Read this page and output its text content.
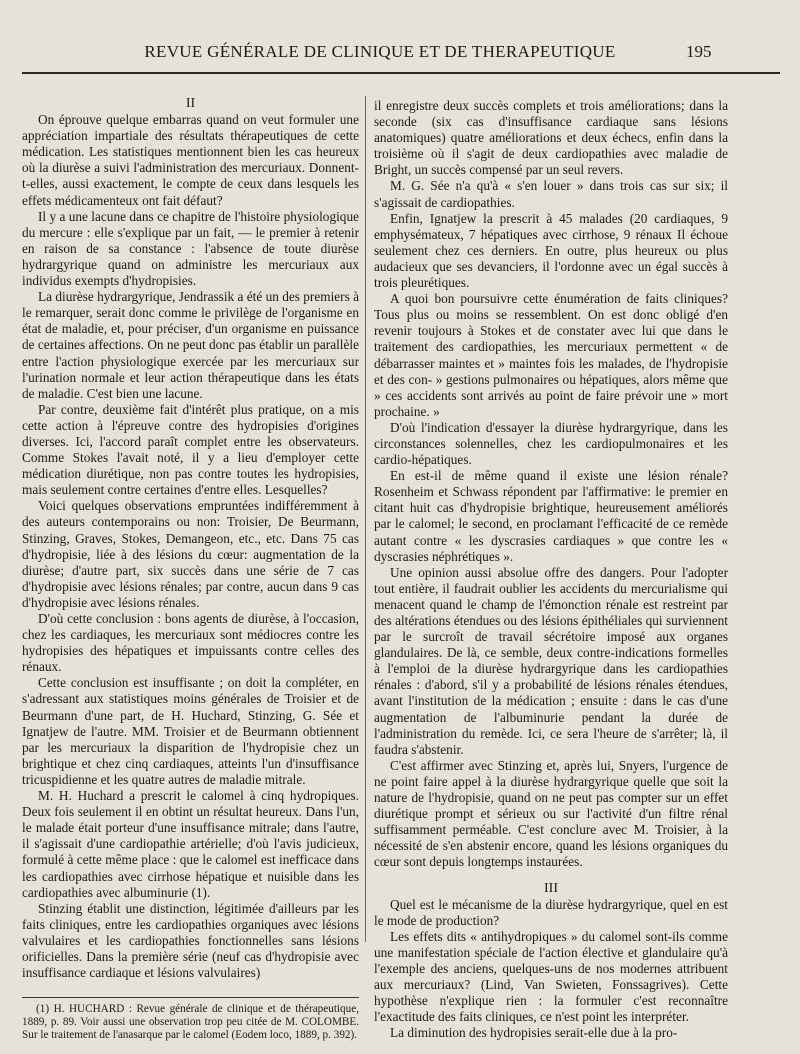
REVUE GÉNÉRALE DE CLINIQUE ET DE THERAPEUTIQUE	195

II

On éprouve quelque embarras quand on veut formuler une appréciation impartiale des résultats thérapeutiques de cette médication. Les statistiques mentionnent bien les cas heureux où la diurèse a suivi l'administration des mercuriaux. Donnent-t-elles, aussi exactement, le compte de ceux dans lesquels les effets médicamenteux ont fait défaut?

Il y a une lacune dans ce chapitre de l'histoire physiologique du mercure : elle s'explique par un fait, — le premier à retenir en raison de sa constance : l'absence de toute diurèse hydrargyrique quand on administre les mercuriaux aux individus exempts d'hydropisies.

La diurèse hydrargyrique, Jendrassik a été un des premiers à le remarquer, serait donc comme le privilège de l'organisme en état de maladie, et, pour préciser, d'un organisme en puissance de certaines affections. On ne peut donc pas établir un parallèle entre l'action physiologique exercée par les mercuriaux sur l'urination normale et leur action thérapeutique dans les états de maladie. C'est bien une lacune.

Par contre, deuxième fait d'intérêt plus pratique, on a mis cette action à l'épreuve contre des hydropisies d'origines diverses. Ici, l'accord paraît complet entre les observateurs. Comme Stokes l'avait noté, il y a lieu d'employer cette médication diurétique, non pas contre toutes les hydropisies, mais seulement contre certaines d'entre elles. Lesquelles?

Voici quelques observations empruntées indifféremment à des auteurs contemporains ou non: Troisier, De Beurmann, Stinzing, Graves, Stokes, Demangeon, etc., etc. Dans 75 cas d'hydropisie, liée à des lésions du cœur: augmentation de la diurèse; d'autre part, six succès dans une série de 7 cas d'hydropisie avec lésions rénales; par contre, aucun dans 9 cas d'hydropisie avec lésions rénales.

D'où cette conclusion : bons agents de diurèse, à l'occasion, chez les cardiaques, les mercuriaux sont médiocres contre les hydropisies des hépatiques et impuissants contre celles des rénaux.

Cette conclusion est insuffisante ; on doit la compléter, en s'adressant aux statistiques moins générales de Troisier et de Beurmann d'une part, de H. Huchard, Stinzing, G. Sée et Ignatjew de l'autre. MM. Troisier et de Beurmann obtiennent par les mercuriaux la disparition de l'hydropisie chez un brightique et chez cinq cardiaques, atteints l'un d'insuffisance tricuspidienne et les quatre autres de maladie mitrale.

M. H. Huchard a prescrit le calomel à cinq hydropiques. Deux fois seulement il en obtint un résultat heureux. Dans l'un, le malade était porteur d'une insuffisance mitrale; dans l'autre, il s'agissait d'une cardiopathie artérielle; d'où l'avis judicieux, formulé à cette même place : que le calomel est inefficace dans les cardiopathies avec cirrhose hépatique et nuisible dans les cardiopathies avec albuminurie (1).

Stinzing établit une distinction, légitimée d'ailleurs par les faits cliniques, entre les cardiopathies organiques avec lésions valvulaires et les cardiopathies fonctionnelles sans lésions orificielles. Dans la première série (neuf cas d'hydropisie avec insuffisance cardiaque et lésions valvulaires)

il enregistre deux succès complets et trois améliorations; dans la seconde (six cas d'insuffisance cardiaque sans lésions anatomiques) quatre améliorations et deux échecs, enfin dans la troisième où il s'agit de deux cardiopathies avec maladie de Bright, un succès compensé par un seul revers.

M. G. Sée n'a qu'à « s'en louer » dans trois cas sur six; il s'agissait de cardiopathies.

Enfin, Ignatjew la prescrit à 45 malades (20 cardiaques, 9 emphysémateux, 7 hépatiques avec cirrhose, 9 rénaux Il échoue seulement chez ces derniers. En outre, plus heureux ou plus audacieux que ses devanciers, il l'ordonne avec un égal succès à trois pleurétiques.

A quoi bon poursuivre cette énumération de faits cliniques? Tous plus ou moins se ressemblent. On est donc obligé d'en revenir toujours à Stokes et de constater avec lui que dans le traitement des cardiopathies, les mercuriaux permettent « de débarrasser maintes et » maintes fois les malades, de l'hydropisie et des con- » gestions pulmonaires ou hépatiques, alors même que » ces accidents sont arrivés au point de faire prévoir une » mort prochaine. »

D'où l'indication d'essayer la diurèse hydrargyrique, dans les circonstances solennelles, chez les cardiopulmonaires et les cardio-hépatiques.

En est-il de même quand il existe une lésion rénale? Rosenheim et Schwass répondent par l'affirmative: le premier en citant huit cas d'hydropisie brightique, heureusement améliorés par le calomel; le second, en proclamant l'efficacité de ce remède autant contre « les dyscrasies cardiaques » que contre les « dyscrasies néphrétiques ».

Une opinion aussi absolue offre des dangers. Pour l'adopter tout entière, il faudrait oublier les accidents du mercurialisme qui menacent quand le champ de l'émonction rénale est restreint par des altérations étendues ou des lésions épithéliales qui surviennent par le surcroît de travail sécrétoire imposé aux organes glandulaires. De là, ce semble, deux contre-indications formelles à l'emploi de la diurèse hydrargyrique dans les cardiopathies rénales : d'abord, s'il y a probabilité de lésions rénales étendues, avant l'institution de la médication ; ensuite : dans le cas d'une augmentation de l'albuminurie pendant la durée de l'administration du remède. Ici, ce sera l'heure de s'arrêter; là, il faudra s'abstenir.

C'est affirmer avec Stinzing et, après lui, Snyers, l'urgence de ne point faire appel à la diurèse hydrargyrique quelle que soit la nature de l'hydropisie, quand on ne peut pas compter sur un effet diurétique prompt et sérieux ou sur l'activité d'un filtre rénal suffisamment perméable. C'est conclure avec M. Troisier, à la nécessité de s'en abstenir encore, quand les lésions organiques du cœur sont depuis longtemps instaurées.

III

Quel est le mécanisme de la diurèse hydrargyrique, quel en est le mode de production?

Les effets dits « antihydropiques » du calomel sont-ils comme une manifestation spéciale de l'action élective et glandulaire qu'à l'exemple des anciens, quelques-uns de nos modernes attribuent aux mercuriaux? (Lind, Van Swieten, Fonssagrives). Cette hypothèse n'explique rien : la formuler c'est reconnaître l'exactitude des faits cliniques, ce n'est point les interpréter.

La diminution des hydropisies serait-elle due à la pro-

(1) H. HUCHARD : Revue générale de clinique et de thérapeutique, 1889, p. 89. Voir aussi une observation trop peu citée de M. COLOMBE. Sur le traitement de l'anasarque par le calomel (Eodem loco, 1889, p. 392).
